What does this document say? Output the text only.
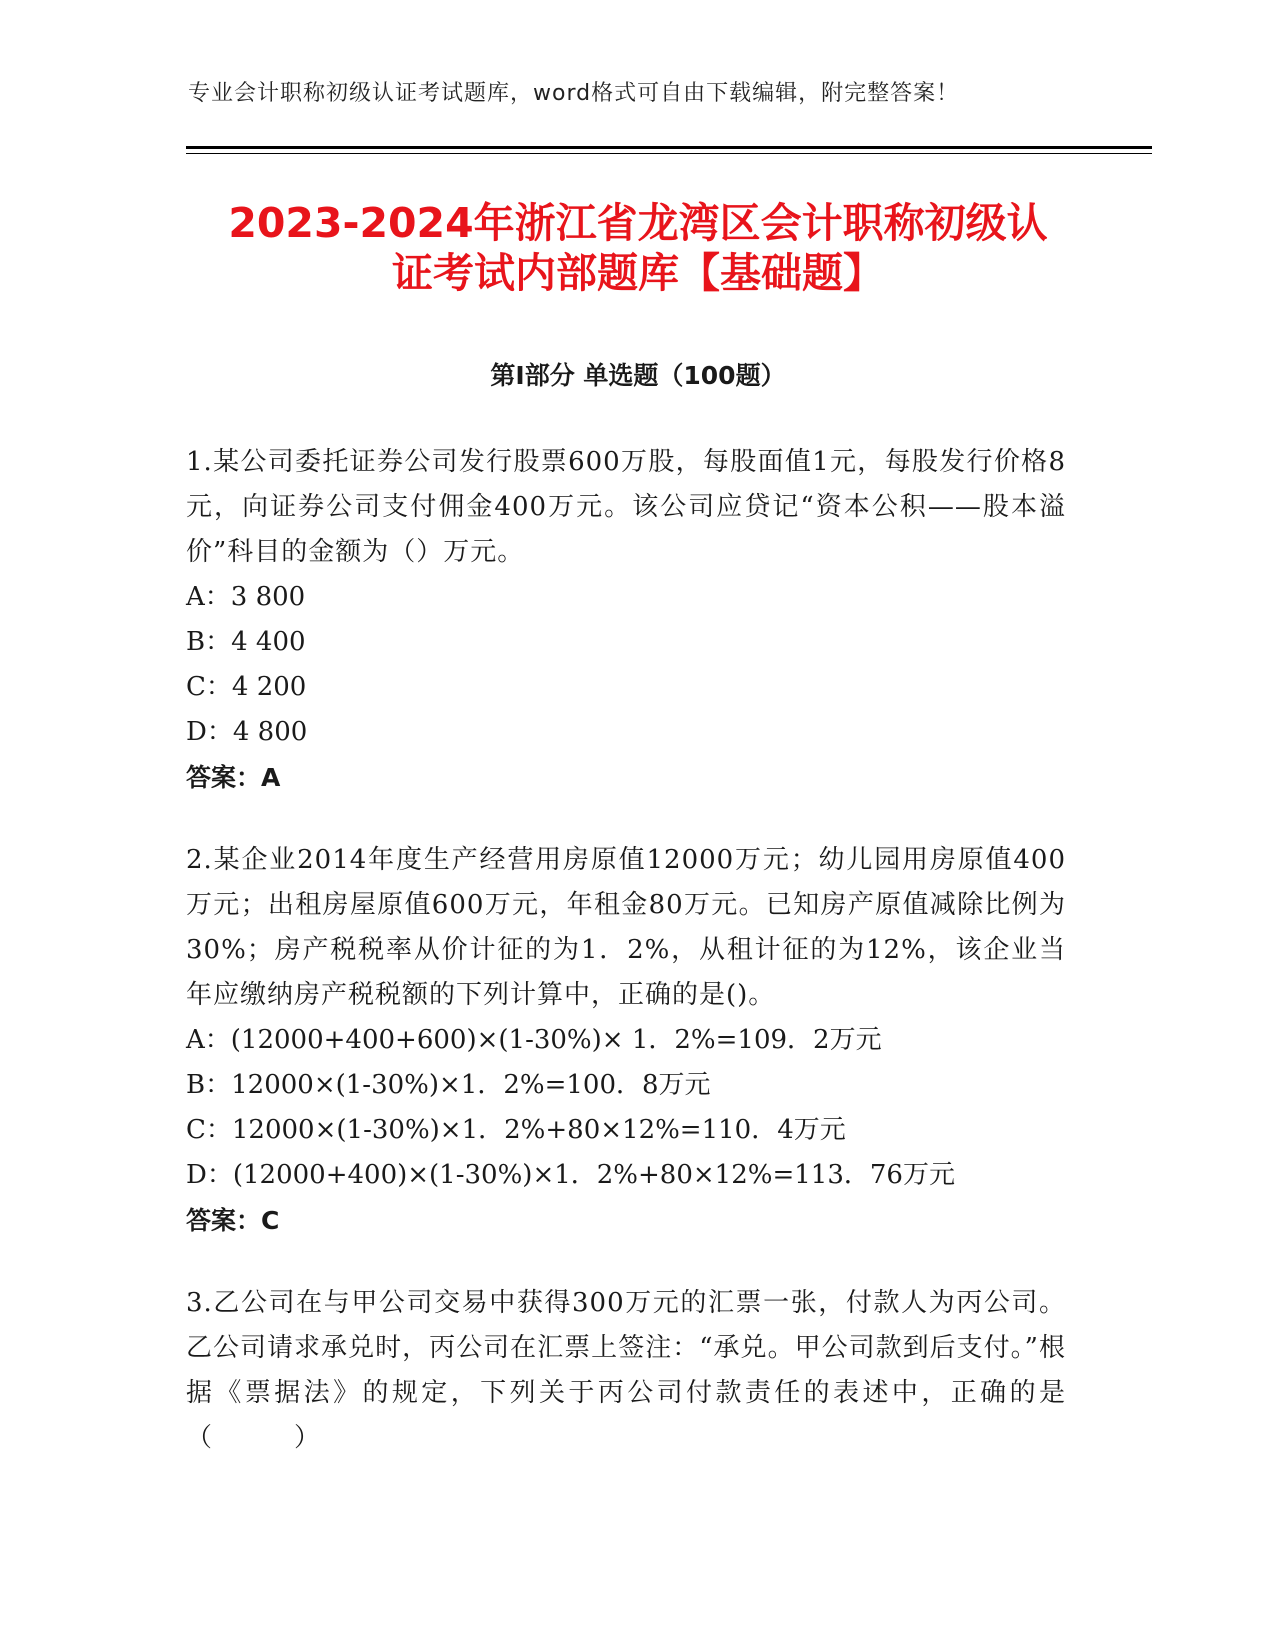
专业会计职称初级认证考试题库，word格式可自由下载编辑，附完整答案！
2023-2024年浙江省龙湾区会计职称初级认
证考试内部题库【基础题】
第I部分 单选题（100题）

1.某公司委托证券公司发行股票600万股，每股面值1元，每股发行价格8元，向证券公司支付佣金400万元。该公司应贷记“资本公积——股本溢价”科目的金额为（）万元。

A：3 800
B：4 400
C：4 200
D：4 800

答案：A

2.某企业2014年度生产经营用房原值12000万元；幼儿园用房原值400万元；出租房屋原值600万元，年租金80万元。已知房产原值减除比例为30%；房产税税率从价计征的为1．2%，从租计征的为12%，该企业当年应缴纳房产税税额的下列计算中，正确的是()。

A：(12000+400+600)×(1-30%)× 1．2%=109．2万元
B：12000×(1-30%)×1．2%=100．8万元
C：12000×(1-30%)×1．2%+80×12%=110．4万元
D：(12000+400)×(1-30%)×1．2%+80×12%=113．76万元

答案：C

3.乙公司在与甲公司交易中获得300万元的汇票一张，付款人为丙公司。乙公司请求承兑时，丙公司在汇票上签注：“承兑。甲公司款到后支付。”根据《票据法》的规定，下列关于丙公司付款责任的表述中，正确的是（　　　）
